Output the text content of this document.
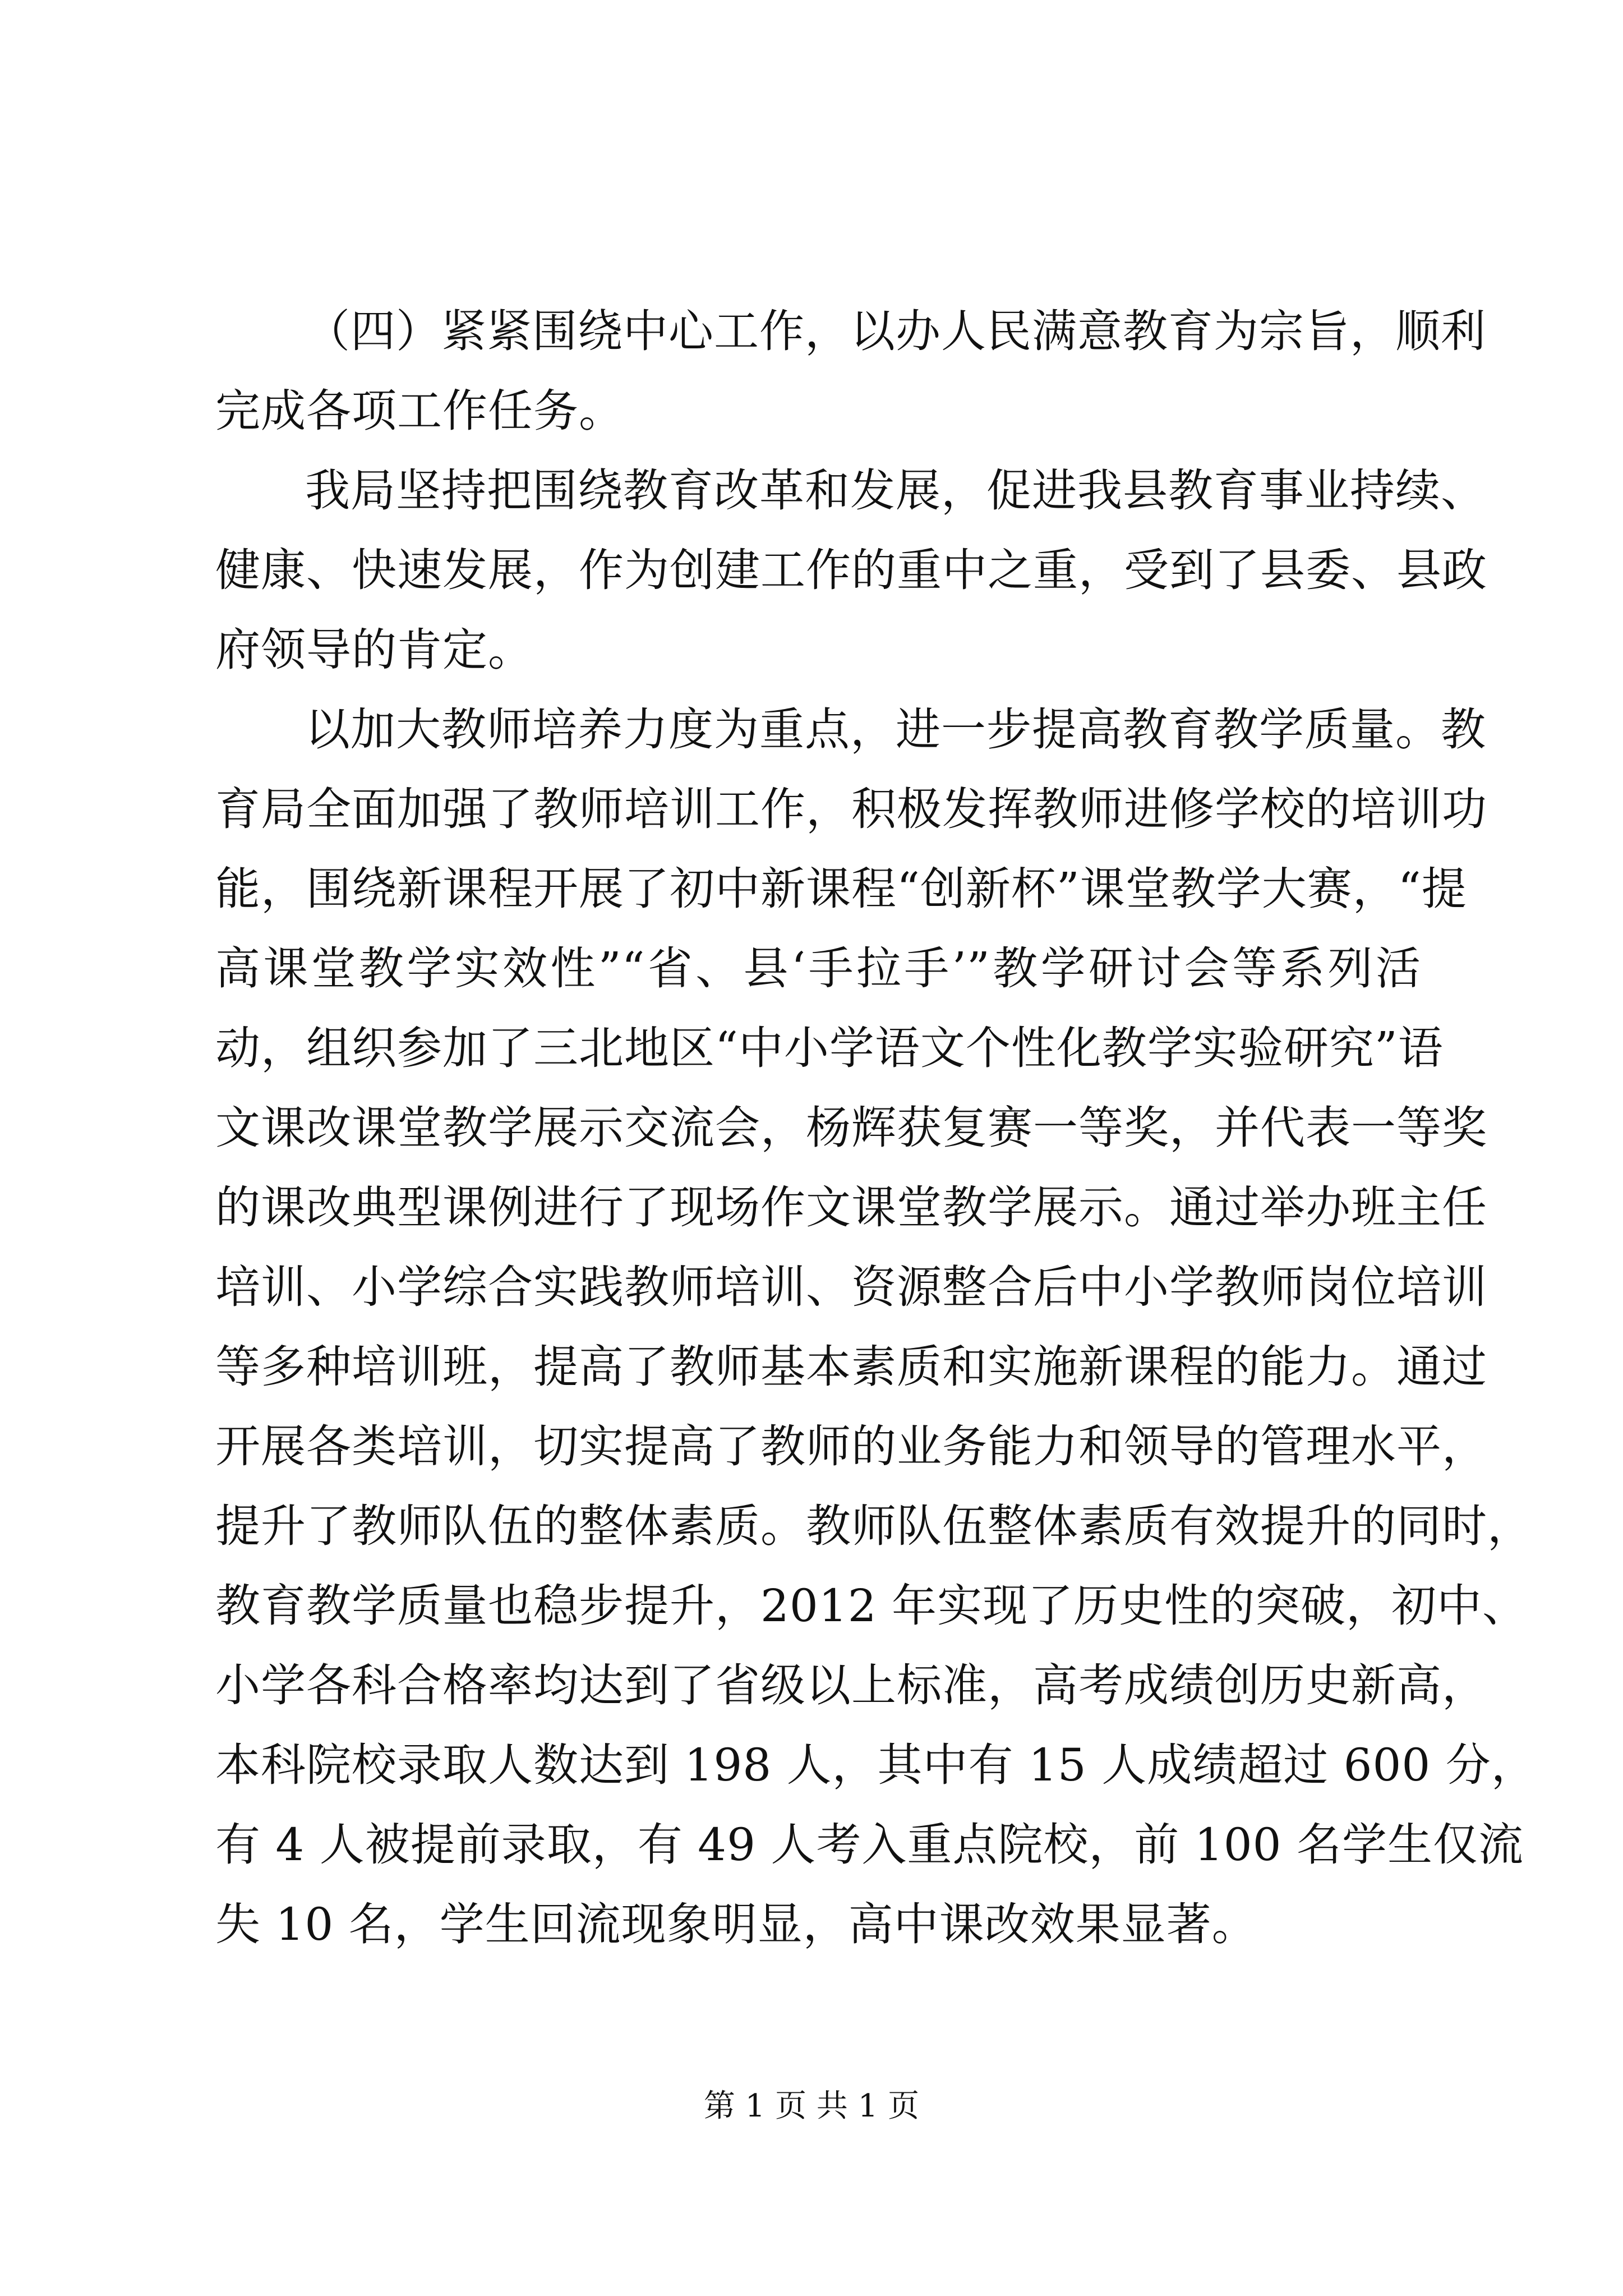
（四）紧紧围绕中心工作，以办人民满意教育为宗旨，顺利
完成各项工作任务。
我局坚持把围绕教育改革和发展，促进我县教育事业持续、
健康、快速发展，作为创建工作的重中之重，受到了县委、县政
府领导的肯定。
以加大教师培养力度为重点，进一步提高教育教学质量。教
育局全面加强了教师培训工作，积极发挥教师进修学校的培训功
能，围绕新课程开展了初中新课程“创新杯”课堂教学大赛，“提
高课堂教学实效性”“省、县‘手拉手’”教学研讨会等系列活
动，组织参加了三北地区“中小学语文个性化教学实验研究”语
文课改课堂教学展示交流会，杨辉获复赛一等奖，并代表一等奖
的课改典型课例进行了现场作文课堂教学展示。通过举办班主任
培训、小学综合实践教师培训、资源整合后中小学教师岗位培训
等多种培训班，提高了教师基本素质和实施新课程的能力。通过
开展各类培训，切实提高了教师的业务能力和领导的管理水平，
提升了教师队伍的整体素质。教师队伍整体素质有效提升的同时，
教育教学质量也稳步提升，2012 年实现了历史性的突破，初中、
小学各科合格率均达到了省级以上标准，高考成绩创历史新高，
本科院校录取人数达到 198 人，其中有 15 人成绩超过 600 分，
有 4 人被提前录取，有 49 人考入重点院校，前 100 名学生仅流
失 10 名，学生回流现象明显，高中课改效果显著。
第 1 页 共 1 页
